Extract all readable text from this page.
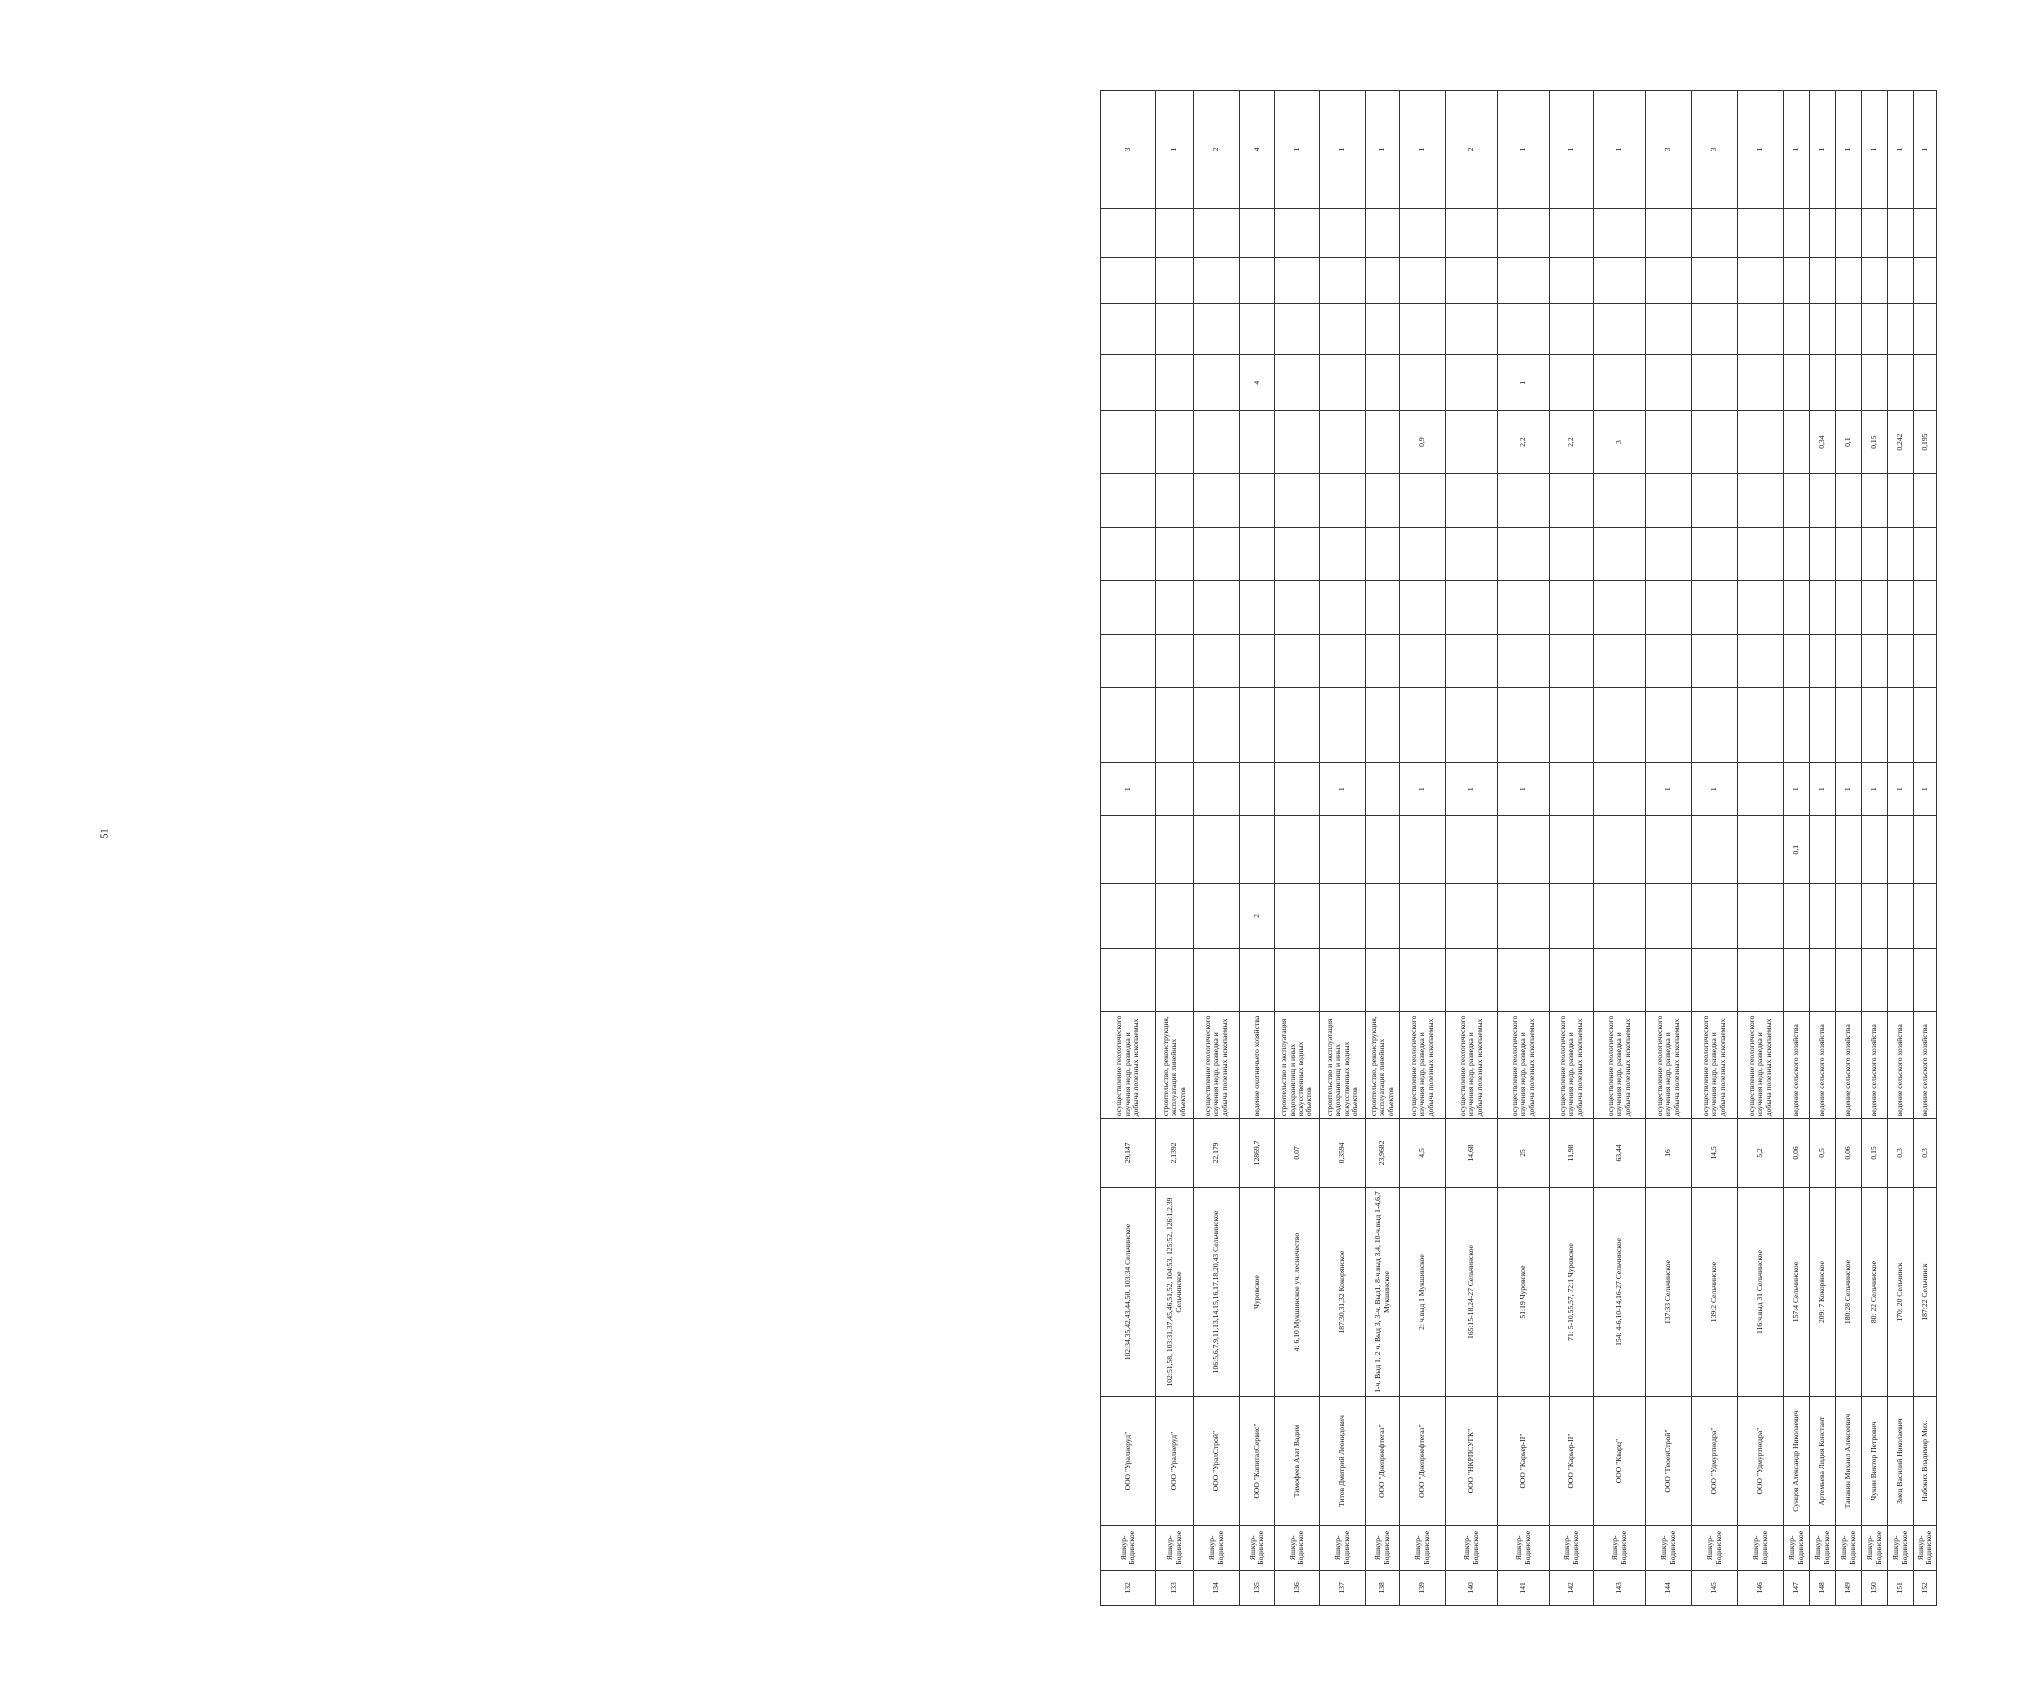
51
132	Яшкур-Бодинское	ООО "Уралнеруд"	102:34,35,42,43,44,50, 103:34 Сельчинское	29,147	осуществление геологического изучения недр, разведка и добыча полезных ископаемых				1											3
133	Яшкур-Бодинское	ООО "Уралнеруд"	102:51,58, 103:31,37,45,46,51,52, 104:53, 125:52, 126:1,2,39 Сельчинское	2,1392	строительство, реконструкция, эксплуатация линейных объектов															1
134	Яшкур-Бодинское	ООО "УралСтрой"	106:5,6,7,9,11,13,14,15,16,17,18,20,43 Сельчинское	22,179	осуществление геологического изучения недр, разведка и добыча полезных ископаемых															2
135	Яшкур-Бодинское	ООО "КапиталСервис"	Чуровское	12869,7	ведение охотничьего хозяйства		2									4				4
136	Яшкур-Бодинское	Тимофеев Азат Вадим	4: 6,10 Мукшинское уч. лесничество	0,07	строительство и эксплуатация водохранилищ и иных искусственных водных объектов															1
137	Яшкур-Бодинское	Титов Дмитрий Леонидович	187:30,31,32 Кокорянское	0,3594	строительство и эксплуатация водохранилищ и иных искусственных водных объектов				1											1
138	Яшкур-Бодинское	ООО "Днепрнефтегаз"	1-ч. Выд 1, 2 ч. Выд 3, 3-ч. Выд1, 8-ч.выд 3,4, 10-ч.выд 1-4,6,7 Мукшинское	23,9682	строительство, реконструкция, эксплуатация линейных объектов															1
139	Яшкур-Бодинское	ООО "Днепрнефтегаз"	2: ч.выд 1 Мукшинское	4,5	осуществление геологического изучения недр, разведка и добыча полезных ископаемых				1						0,9					1
140	Яшкур-Бодинское	ООО "НКРПСУГК"	165:15-18,24-27 Сельчинское	14,68	осуществление геологического изучения недр, разведка и добыча полезных ископаемых				1											2
141	Яшкур-Бодинское	ООО "Карьер-II"	51:19 Чуровское	25	осуществление геологического изучения недр, разведка и добыча полезных ископаемых				1						2,2	1				1
142	Яшкур-Бодинское	ООО "Карьер-II"	71: 5-10,55,57, 72:1 Чуровское	11,98	осуществление геологического изучения недр, разведка и добыча полезных ископаемых										2,2					1
143	Яшкур-Бодинское	ООО "Кварц"	154: 4-6,10-14,16-27 Сельчинское	63,44	осуществление геологического изучения недр, разведка и добыча полезных ископаемых										3					1
144	Яшкур-Бодинское	ООО "ГеоенСтрой"	137:33 Сельчинское	16	осуществление геологического изучения недр, разведка и добыча полезных ископаемых				1											3
145	Яшкур-Бодинское	ООО "Удмуртнедра"	139:2 Сельчинское	14,5	осуществление геологического изучения недр, разведка и добыча полезных ископаемых				1											3
146	Яшкур-Бодинское	ООО "Удмуртнедра"	116:ч.выд 31 Сельчинское	5,2	осуществление геологического изучения недр, разведка и добыча полезных ископаемых															1
147	Яшкур-Бодинское	Сунцов Александр Николаевич	157:4 Сельчинское	0,06	ведение сельского хозяйства			0,1	1											1
148	Яшкур-Бодинское	Артемьева Лидия Констант	209: 7 Кокорянское	0,5	ведение сельского хозяйства				1						0,34					1
149	Яшкур-Бодинское	Танакин Михаил Алексеевич	180:28 Сельчинское	0,06	ведение сельского хозяйства				1						0,1					1
150	Яшкур-Бодинское	Чукин Виктор Петрович	80: 22 Сельчинское	0,15	ведение сельского хозяйства				1						0,15					1
151	Яшкур-Бодинское	Зиец Василий Николаевич	170: 20 Сельчинск	0,3	ведение сельского хозяйства				1						0,242					1
152	Яшкур-Бодинское	Набоких Владимир Мих.	187:22 Сельчинск	0,3	ведение сельского хозяйства				1						0,195					1
